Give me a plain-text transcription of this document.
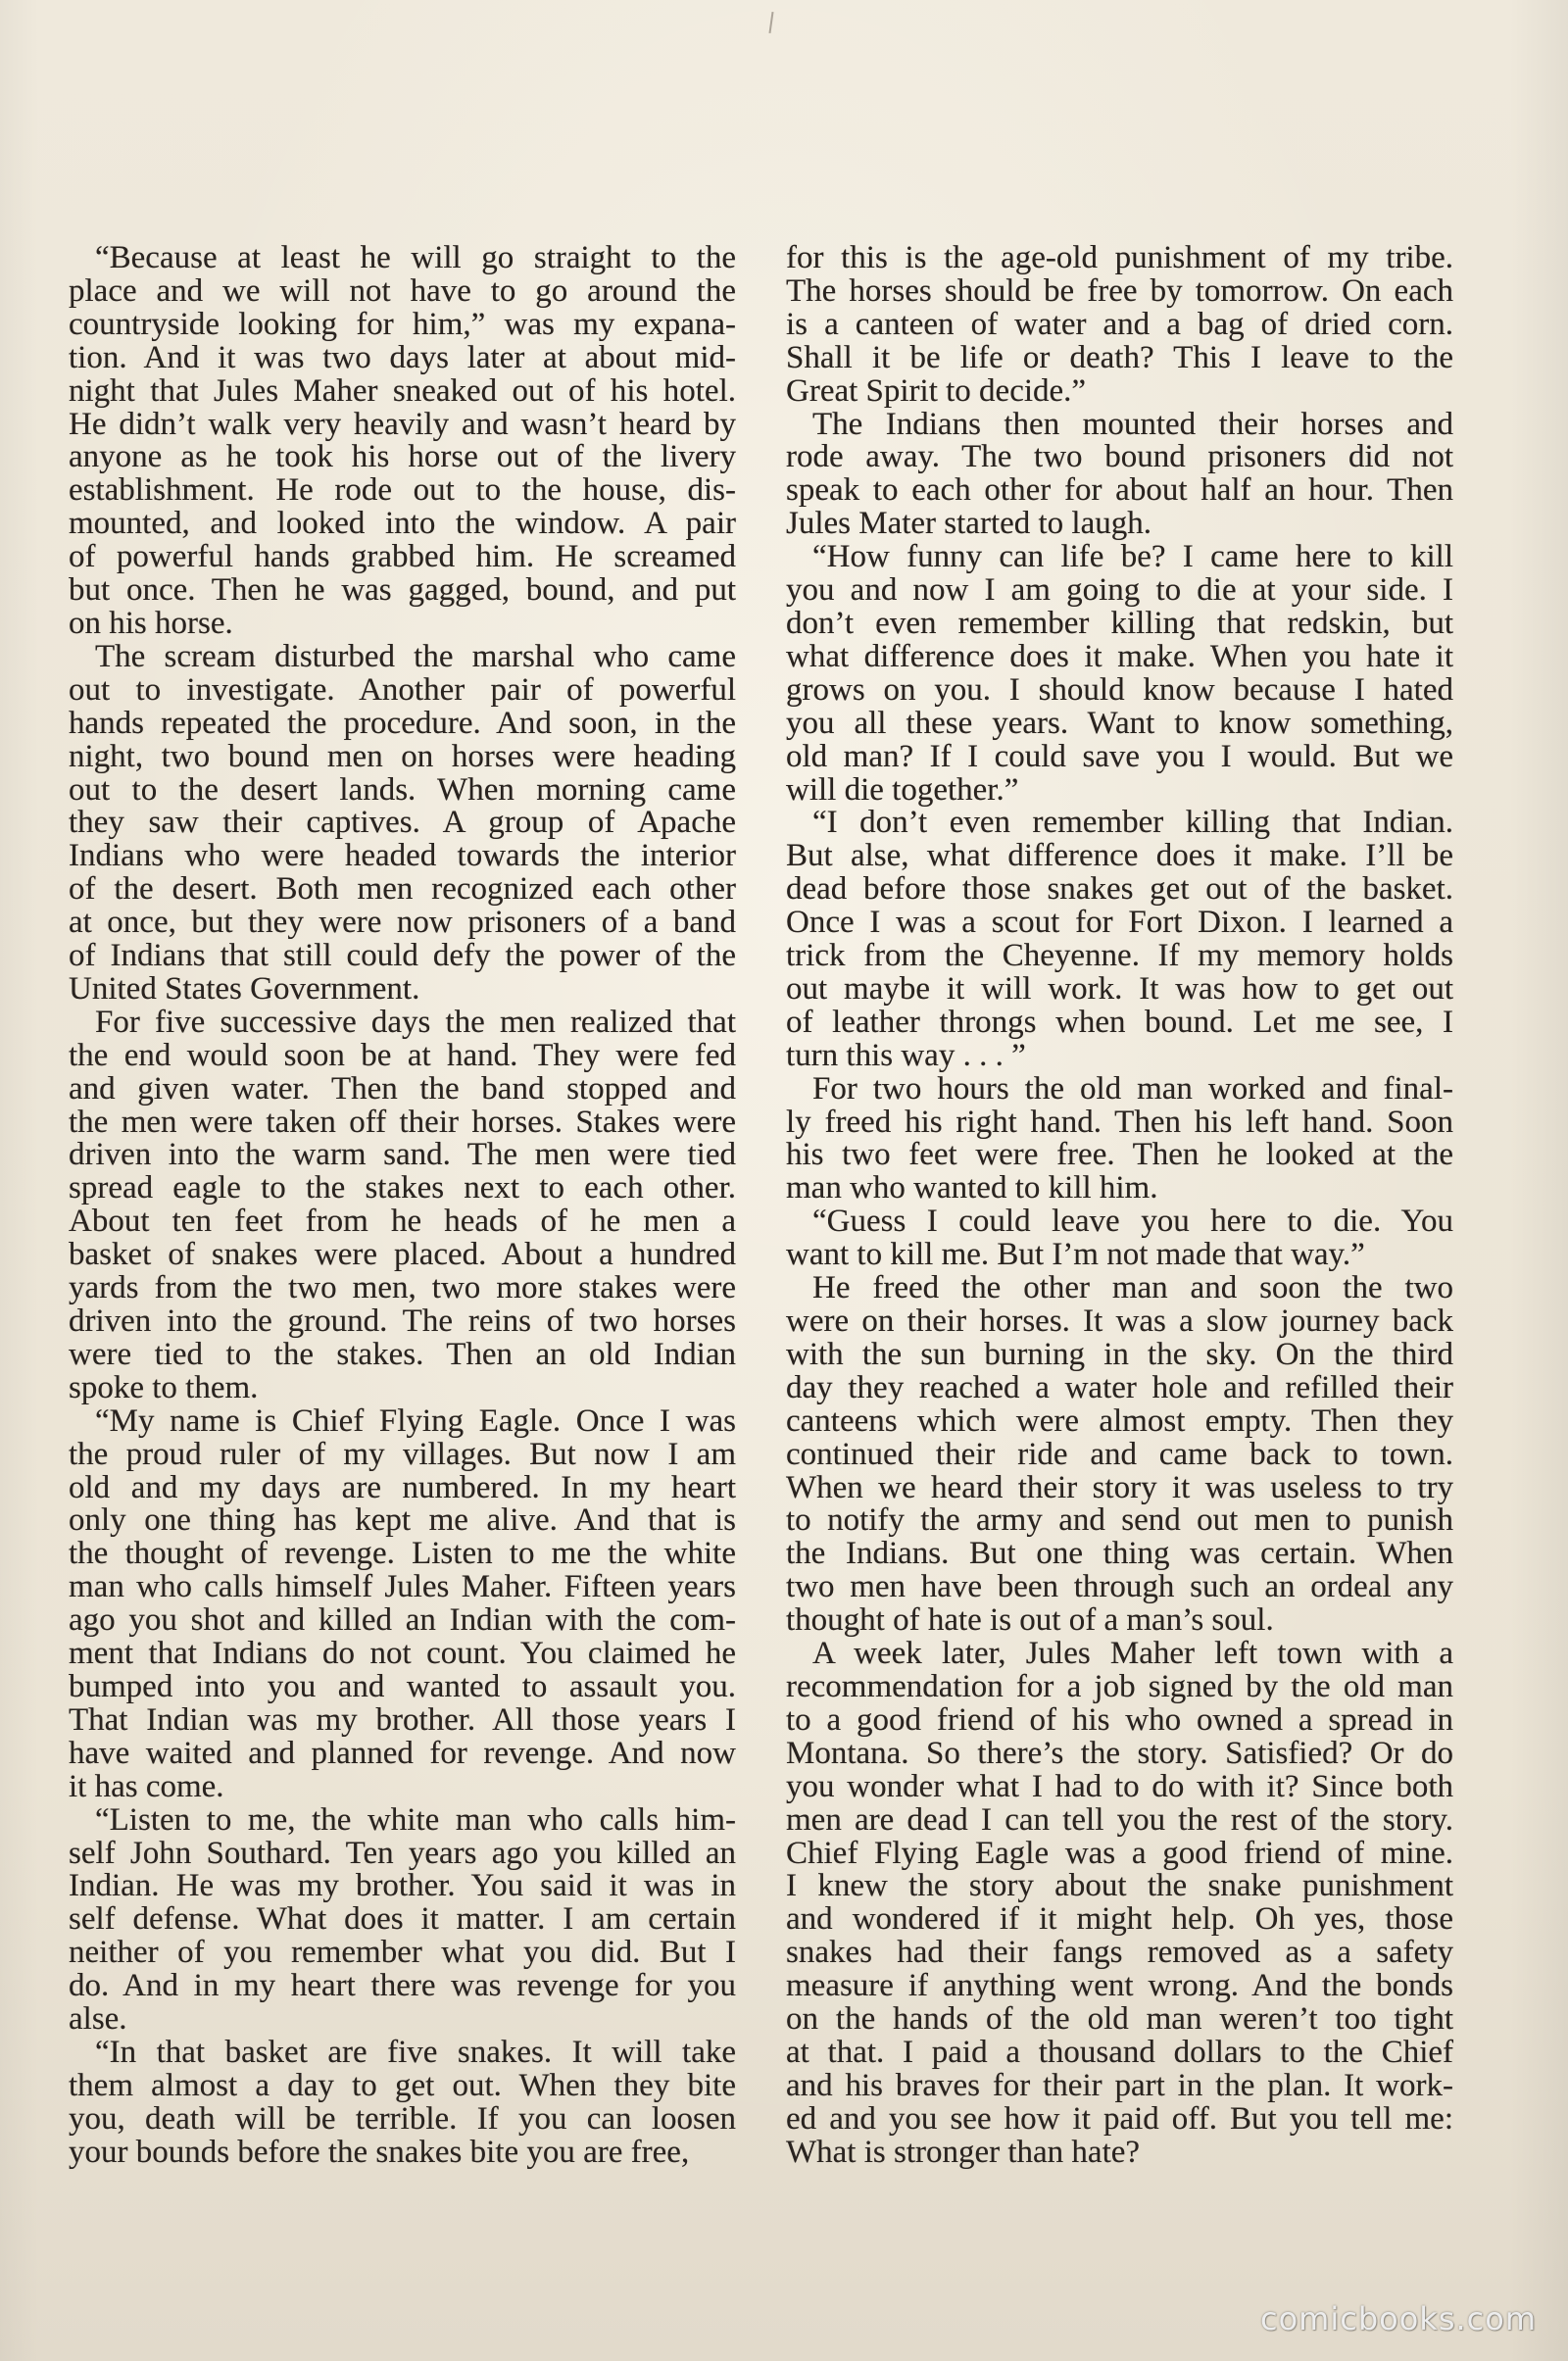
“Because at least he will go straight to the
place and we will not have to go around the
countryside looking for him,” was my expana-
tion. And it was two days later at about mid-
night that Jules Maher sneaked out of his hotel.
He didn’t walk very heavily and wasn’t heard by
anyone as he took his horse out of the livery
establishment. He rode out to the house, dis-
mounted, and looked into the window. A pair
of powerful hands grabbed him. He screamed
but once. Then he was gagged, bound, and put
on his horse.
The scream disturbed the marshal who came
out to investigate. Another pair of powerful
hands repeated the procedure. And soon, in the
night, two bound men on horses were heading
out to the desert lands. When morning came
they saw their captives. A group of Apache
Indians who were headed towards the interior
of the desert. Both men recognized each other
at once, but they were now prisoners of a band
of Indians that still could defy the power of the
United States Government.
For five successive days the men realized that
the end would soon be at hand. They were fed
and given water. Then the band stopped and
the men were taken off their horses. Stakes were
driven into the warm sand. The men were tied
spread eagle to the stakes next to each other.
About ten feet from he heads of he men a
basket of snakes were placed. About a hundred
yards from the two men, two more stakes were
driven into the ground. The reins of two horses
were tied to the stakes. Then an old Indian
spoke to them.
“My name is Chief Flying Eagle. Once I was
the proud ruler of my villages. But now I am
old and my days are numbered. In my heart
only one thing has kept me alive. And that is
the thought of revenge. Listen to me the white
man who calls himself Jules Maher. Fifteen years
ago you shot and killed an Indian with the com-
ment that Indians do not count. You claimed he
bumped into you and wanted to assault you.
That Indian was my brother. All those years I
have waited and planned for revenge. And now
it has come.
“Listen to me, the white man who calls him-
self John Southard. Ten years ago you killed an
Indian. He was my brother. You said it was in
self defense. What does it matter. I am certain
neither of you remember what you did. But I
do. And in my heart there was revenge for you
alse.
“In that basket are five snakes. It will take
them almost a day to get out. When they bite
you, death will be terrible. If you can loosen
your bounds before the snakes bite you are free,
for this is the age-old punishment of my tribe.
The horses should be free by tomorrow. On each
is a canteen of water and a bag of dried corn.
Shall it be life or death? This I leave to the
Great Spirit to decide.”
The Indians then mounted their horses and
rode away. The two bound prisoners did not
speak to each other for about half an hour. Then
Jules Mater started to laugh.
“How funny can life be? I came here to kill
you and now I am going to die at your side. I
don’t even remember killing that redskin, but
what difference does it make. When you hate it
grows on you. I should know because I hated
you all these years. Want to know something,
old man? If I could save you I would. But we
will die together.”
“I don’t even remember killing that Indian.
But alse, what difference does it make. I’ll be
dead before those snakes get out of the basket.
Once I was a scout for Fort Dixon. I learned a
trick from the Cheyenne. If my memory holds
out maybe it will work. It was how to get out
of leather throngs when bound. Let me see, I
turn this way . . . ”
For two hours the old man worked and final-
ly freed his right hand. Then his left hand. Soon
his two feet were free. Then he looked at the
man who wanted to kill him.
“Guess I could leave you here to die. You
want to kill me. But I’m not made that way.”
He freed the other man and soon the two
were on their horses. It was a slow journey back
with the sun burning in the sky. On the third
day they reached a water hole and refilled their
canteens which were almost empty. Then they
continued their ride and came back to town.
When we heard their story it was useless to try
to notify the army and send out men to punish
the Indians. But one thing was certain. When
two men have been through such an ordeal any
thought of hate is out of a man’s soul.
A week later, Jules Maher left town with a
recommendation for a job signed by the old man
to a good friend of his who owned a spread in
Montana. So there’s the story. Satisfied? Or do
you wonder what I had to do with it? Since both
men are dead I can tell you the rest of the story.
Chief Flying Eagle was a good friend of mine.
I knew the story about the snake punishment
and wondered if it might help. Oh yes, those
snakes had their fangs removed as a safety
measure if anything went wrong. And the bonds
on the hands of the old man weren’t too tight
at that. I paid a thousand dollars to the Chief
and his braves for their part in the plan. It work-
ed and you see how it paid off. But you tell me:
What is stronger than hate?
comicbooks.com
